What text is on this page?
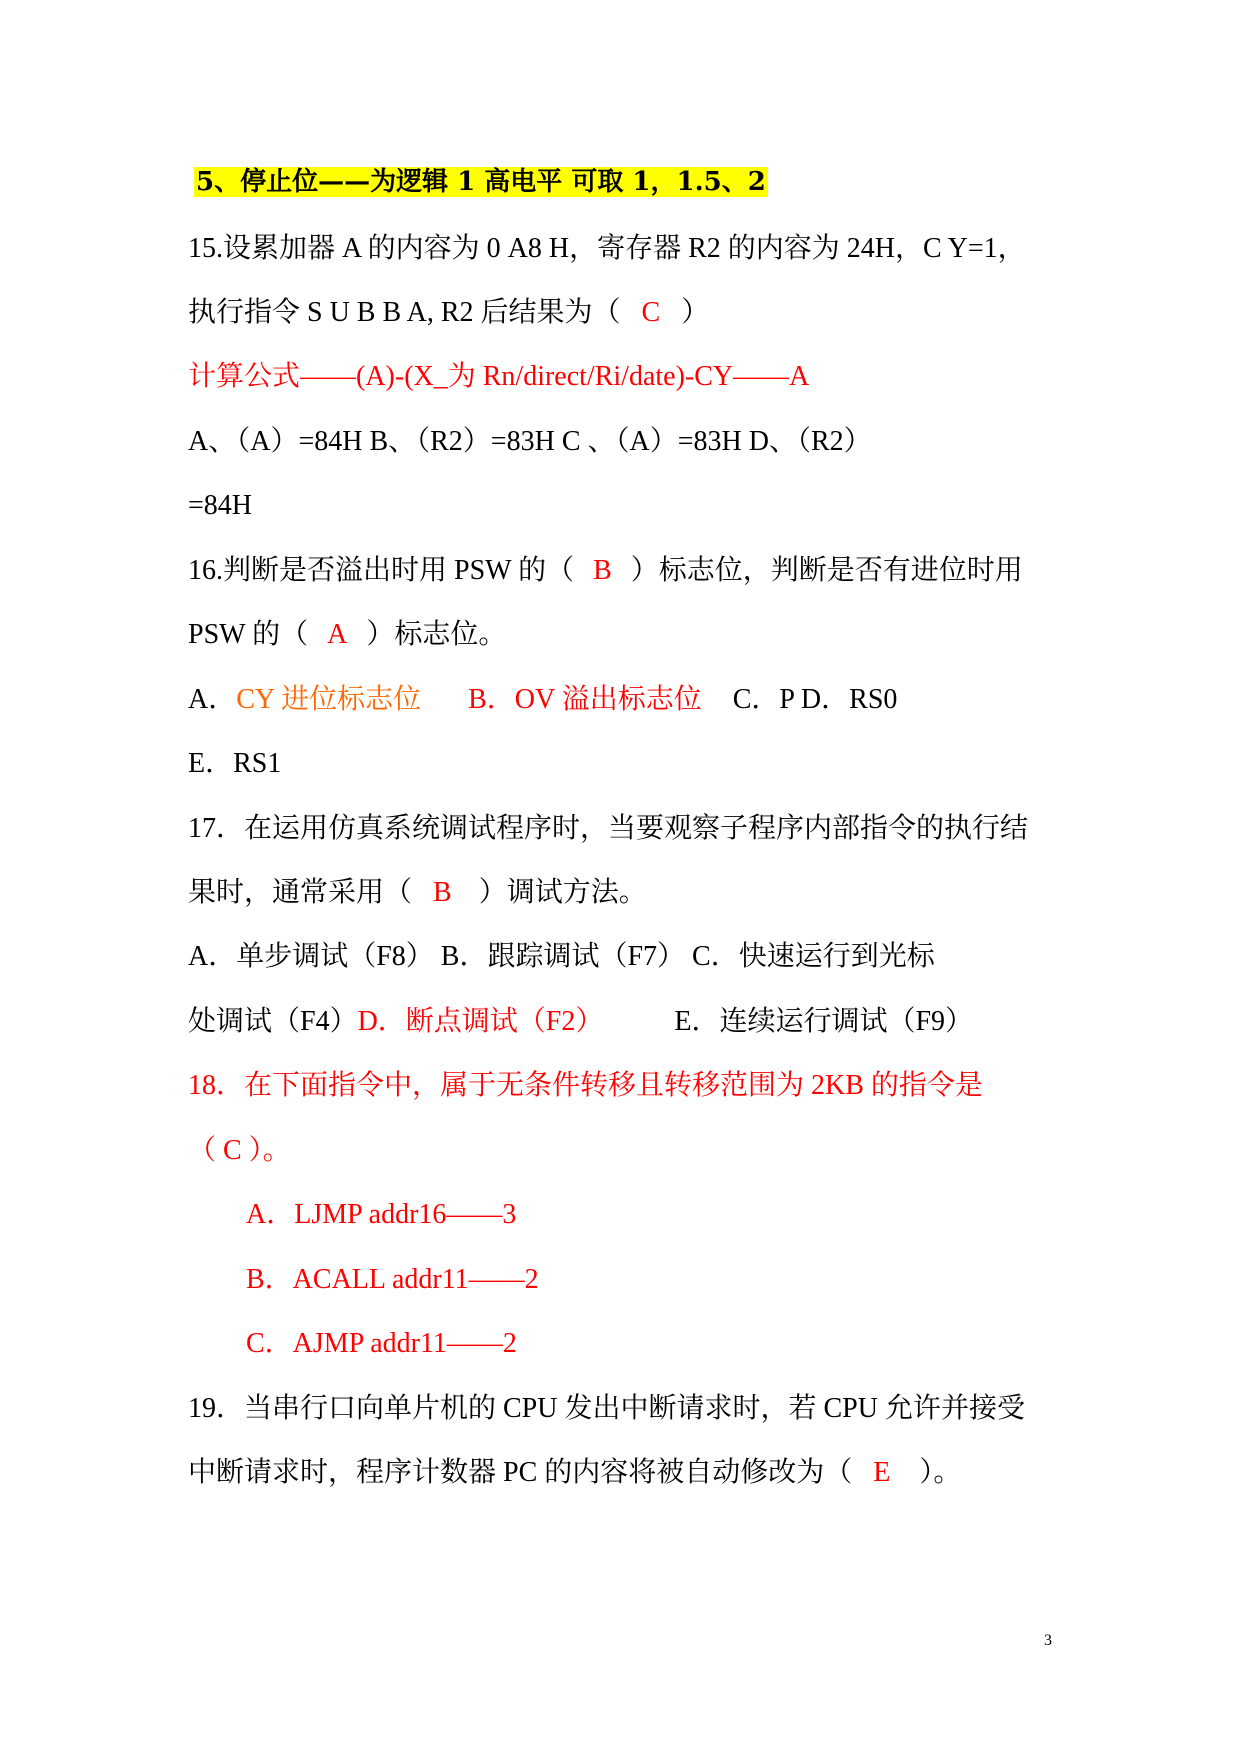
5、停止位——为逻辑 1 高电平 可取 1，1.5、2
15.设累加器 A 的内容为 0 A8 H，寄存器 R2 的内容为 24H，C Y=1，
执行指令 S U B B A, R2 后结果为（ C ）
计算公式——(A)-(X_为 Rn/direct/Ri/date)-CY——A
A、（A）=84H B、（R2）=83H C 、（A）=83H D、（R2）
=84H
16.判断是否溢出时用 PSW 的（ B ）标志位，判断是否有进位时用
PSW 的（ A ）标志位。
A．CY 进位标志位 B．OV 溢出标志位 C．P D．RS0
E．RS1
17．在运用仿真系统调试程序时，当要观察子程序内部指令的执行结
果时，通常采用（ B ）调试方法。
A．单步调试（F8） B．跟踪调试（F7） C．快速运行到光标
处调试（F4）D．断点调试（F2）	E．连续运行调试（F9）
18．在下面指令中，属于无条件转移且转移范围为 2KB 的指令是
（ C ）。
A．LJMP addr16——3
B．ACALL addr11——2
C．AJMP addr11——2
19．当串行口向单片机的 CPU 发出中断请求时，若 CPU 允许并接受
中断请求时，程序计数器 PC 的内容将被自动修改为（ E ）。
3
